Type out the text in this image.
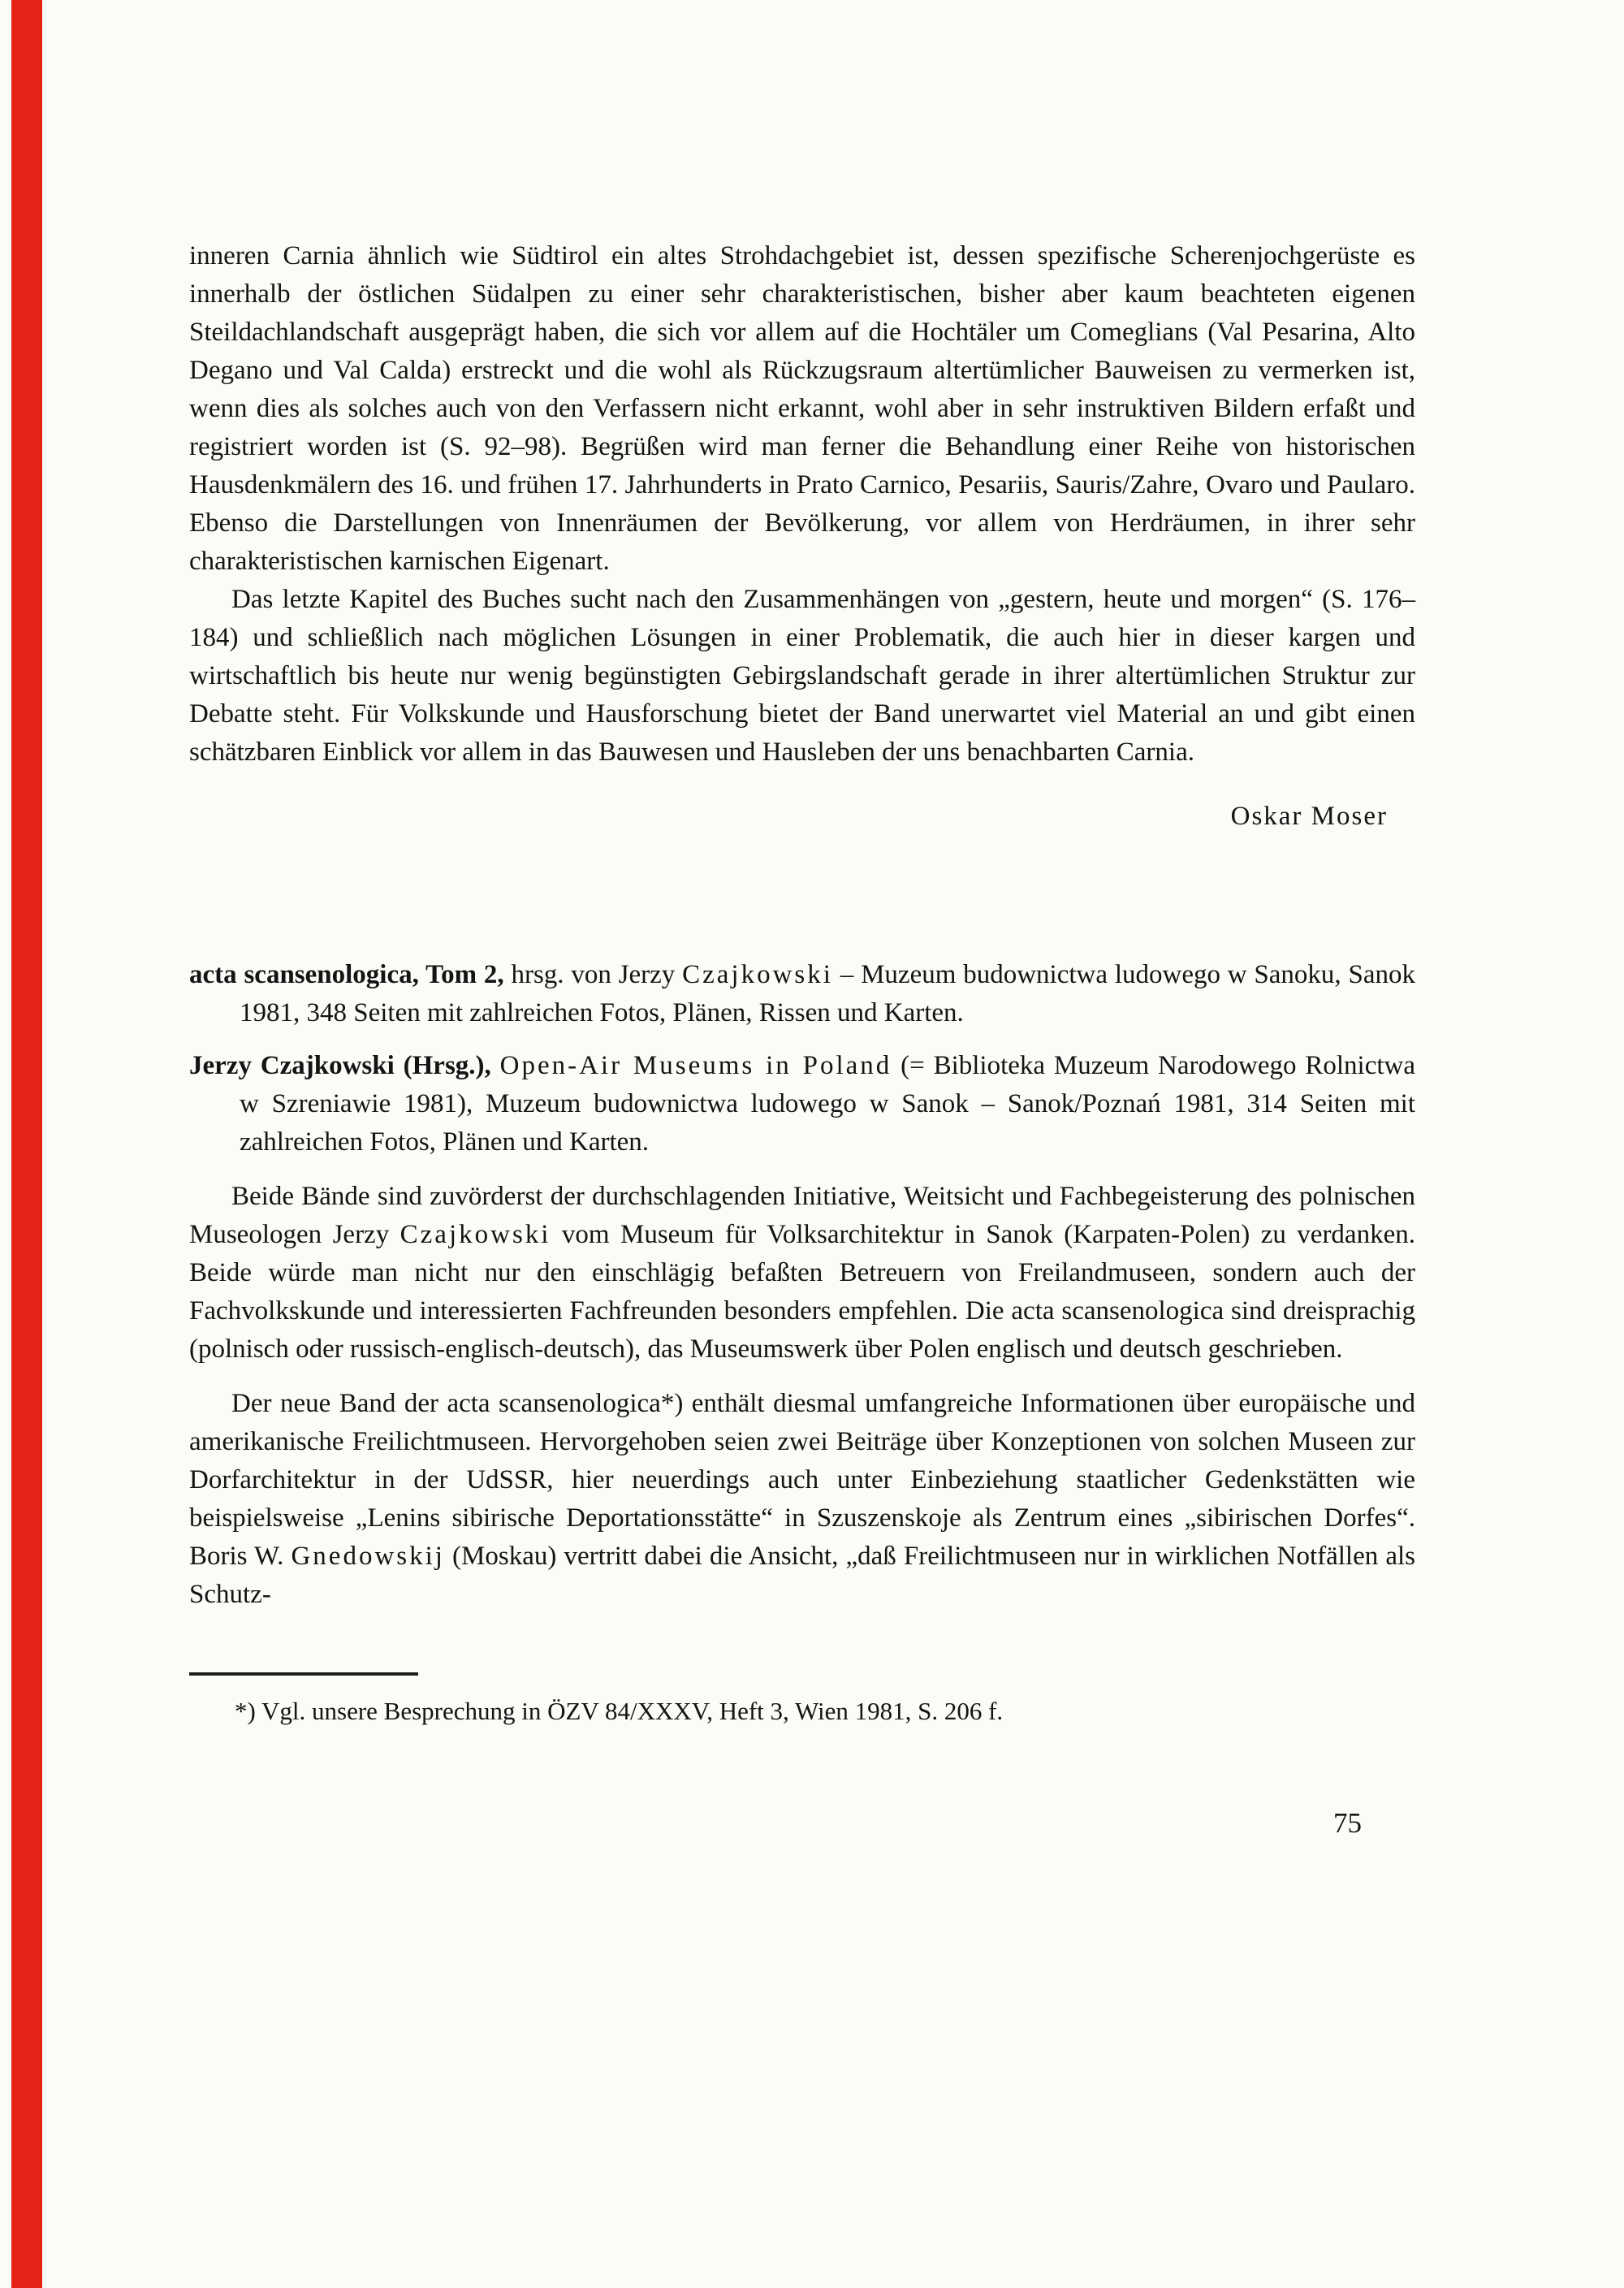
inneren Carnia ähnlich wie Südtirol ein altes Strohdachgebiet ist, dessen spezifische Scherenjochgerüste es innerhalb der östlichen Südalpen zu einer sehr charakteristischen, bisher aber kaum beachteten eigenen Steildachlandschaft ausgeprägt haben, die sich vor allem auf die Hochtäler um Comeglians (Val Pesarina, Alto Degano und Val Calda) erstreckt und die wohl als Rückzugsraum altertümlicher Bauweisen zu vermerken ist, wenn dies als solches auch von den Verfassern nicht erkannt, wohl aber in sehr instruktiven Bildern erfaßt und registriert worden ist (S. 92–98). Begrüßen wird man ferner die Behandlung einer Reihe von historischen Hausdenkmälern des 16. und frühen 17. Jahrhunderts in Prato Carnico, Pesariis, Sauris/Zahre, Ovaro und Paularo. Ebenso die Darstellungen von Innenräumen der Bevölkerung, vor allem von Herdräumen, in ihrer sehr charakteristischen karnischen Eigenart.

Das letzte Kapitel des Buches sucht nach den Zusammenhängen von „gestern, heute und morgen“ (S. 176–184) und schließlich nach möglichen Lösungen in einer Problematik, die auch hier in dieser kargen und wirtschaftlich bis heute nur wenig begünstigten Gebirgslandschaft gerade in ihrer altertümlichen Struktur zur Debatte steht. Für Volkskunde und Hausforschung bietet der Band unerwartet viel Material an und gibt einen schätzbaren Einblick vor allem in das Bauwesen und Hausleben der uns benachbarten Carnia.

Oskar Moser

acta scansenologica, Tom 2, hrsg. von Jerzy Czajkowski – Muzeum budownictwa ludowego w Sanoku, Sanok 1981, 348 Seiten mit zahlreichen Fotos, Plänen, Rissen und Karten.

Jerzy Czajkowski (Hrsg.), Open-Air Museums in Poland (= Biblioteka Muzeum Narodowego Rolnictwa w Szreniawie 1981), Muzeum budownictwa ludowego w Sanok – Sanok/Poznań 1981, 314 Seiten mit zahlreichen Fotos, Plänen und Karten.

Beide Bände sind zuvörderst der durchschlagenden Initiative, Weitsicht und Fachbegeisterung des polnischen Museologen Jerzy Czajkowski vom Museum für Volksarchitektur in Sanok (Karpaten-Polen) zu verdanken. Beide würde man nicht nur den einschlägig befaßten Betreuern von Freilandmuseen, sondern auch der Fachvolkskunde und interessierten Fachfreunden besonders empfehlen. Die acta scansenologica sind dreisprachig (polnisch oder russisch-englisch-deutsch), das Museumswerk über Polen englisch und deutsch geschrieben.

Der neue Band der acta scansenologica*) enthält diesmal umfangreiche Informationen über europäische und amerikanische Freilichtmuseen. Hervorgehoben seien zwei Beiträge über Konzeptionen von solchen Museen zur Dorfarchitektur in der UdSSR, hier neuerdings auch unter Einbeziehung staatlicher Gedenkstätten wie beispielsweise „Lenins sibirische Deportationsstätte“ in Szuszenskoje als Zentrum eines „sibirischen Dorfes“. Boris W. Gnedowskij (Moskau) vertritt dabei die Ansicht, „daß Freilichtmuseen nur in wirklichen Notfällen als Schutz-

*) Vgl. unsere Besprechung in ÖZV 84/XXXV, Heft 3, Wien 1981, S. 206 f.

75
